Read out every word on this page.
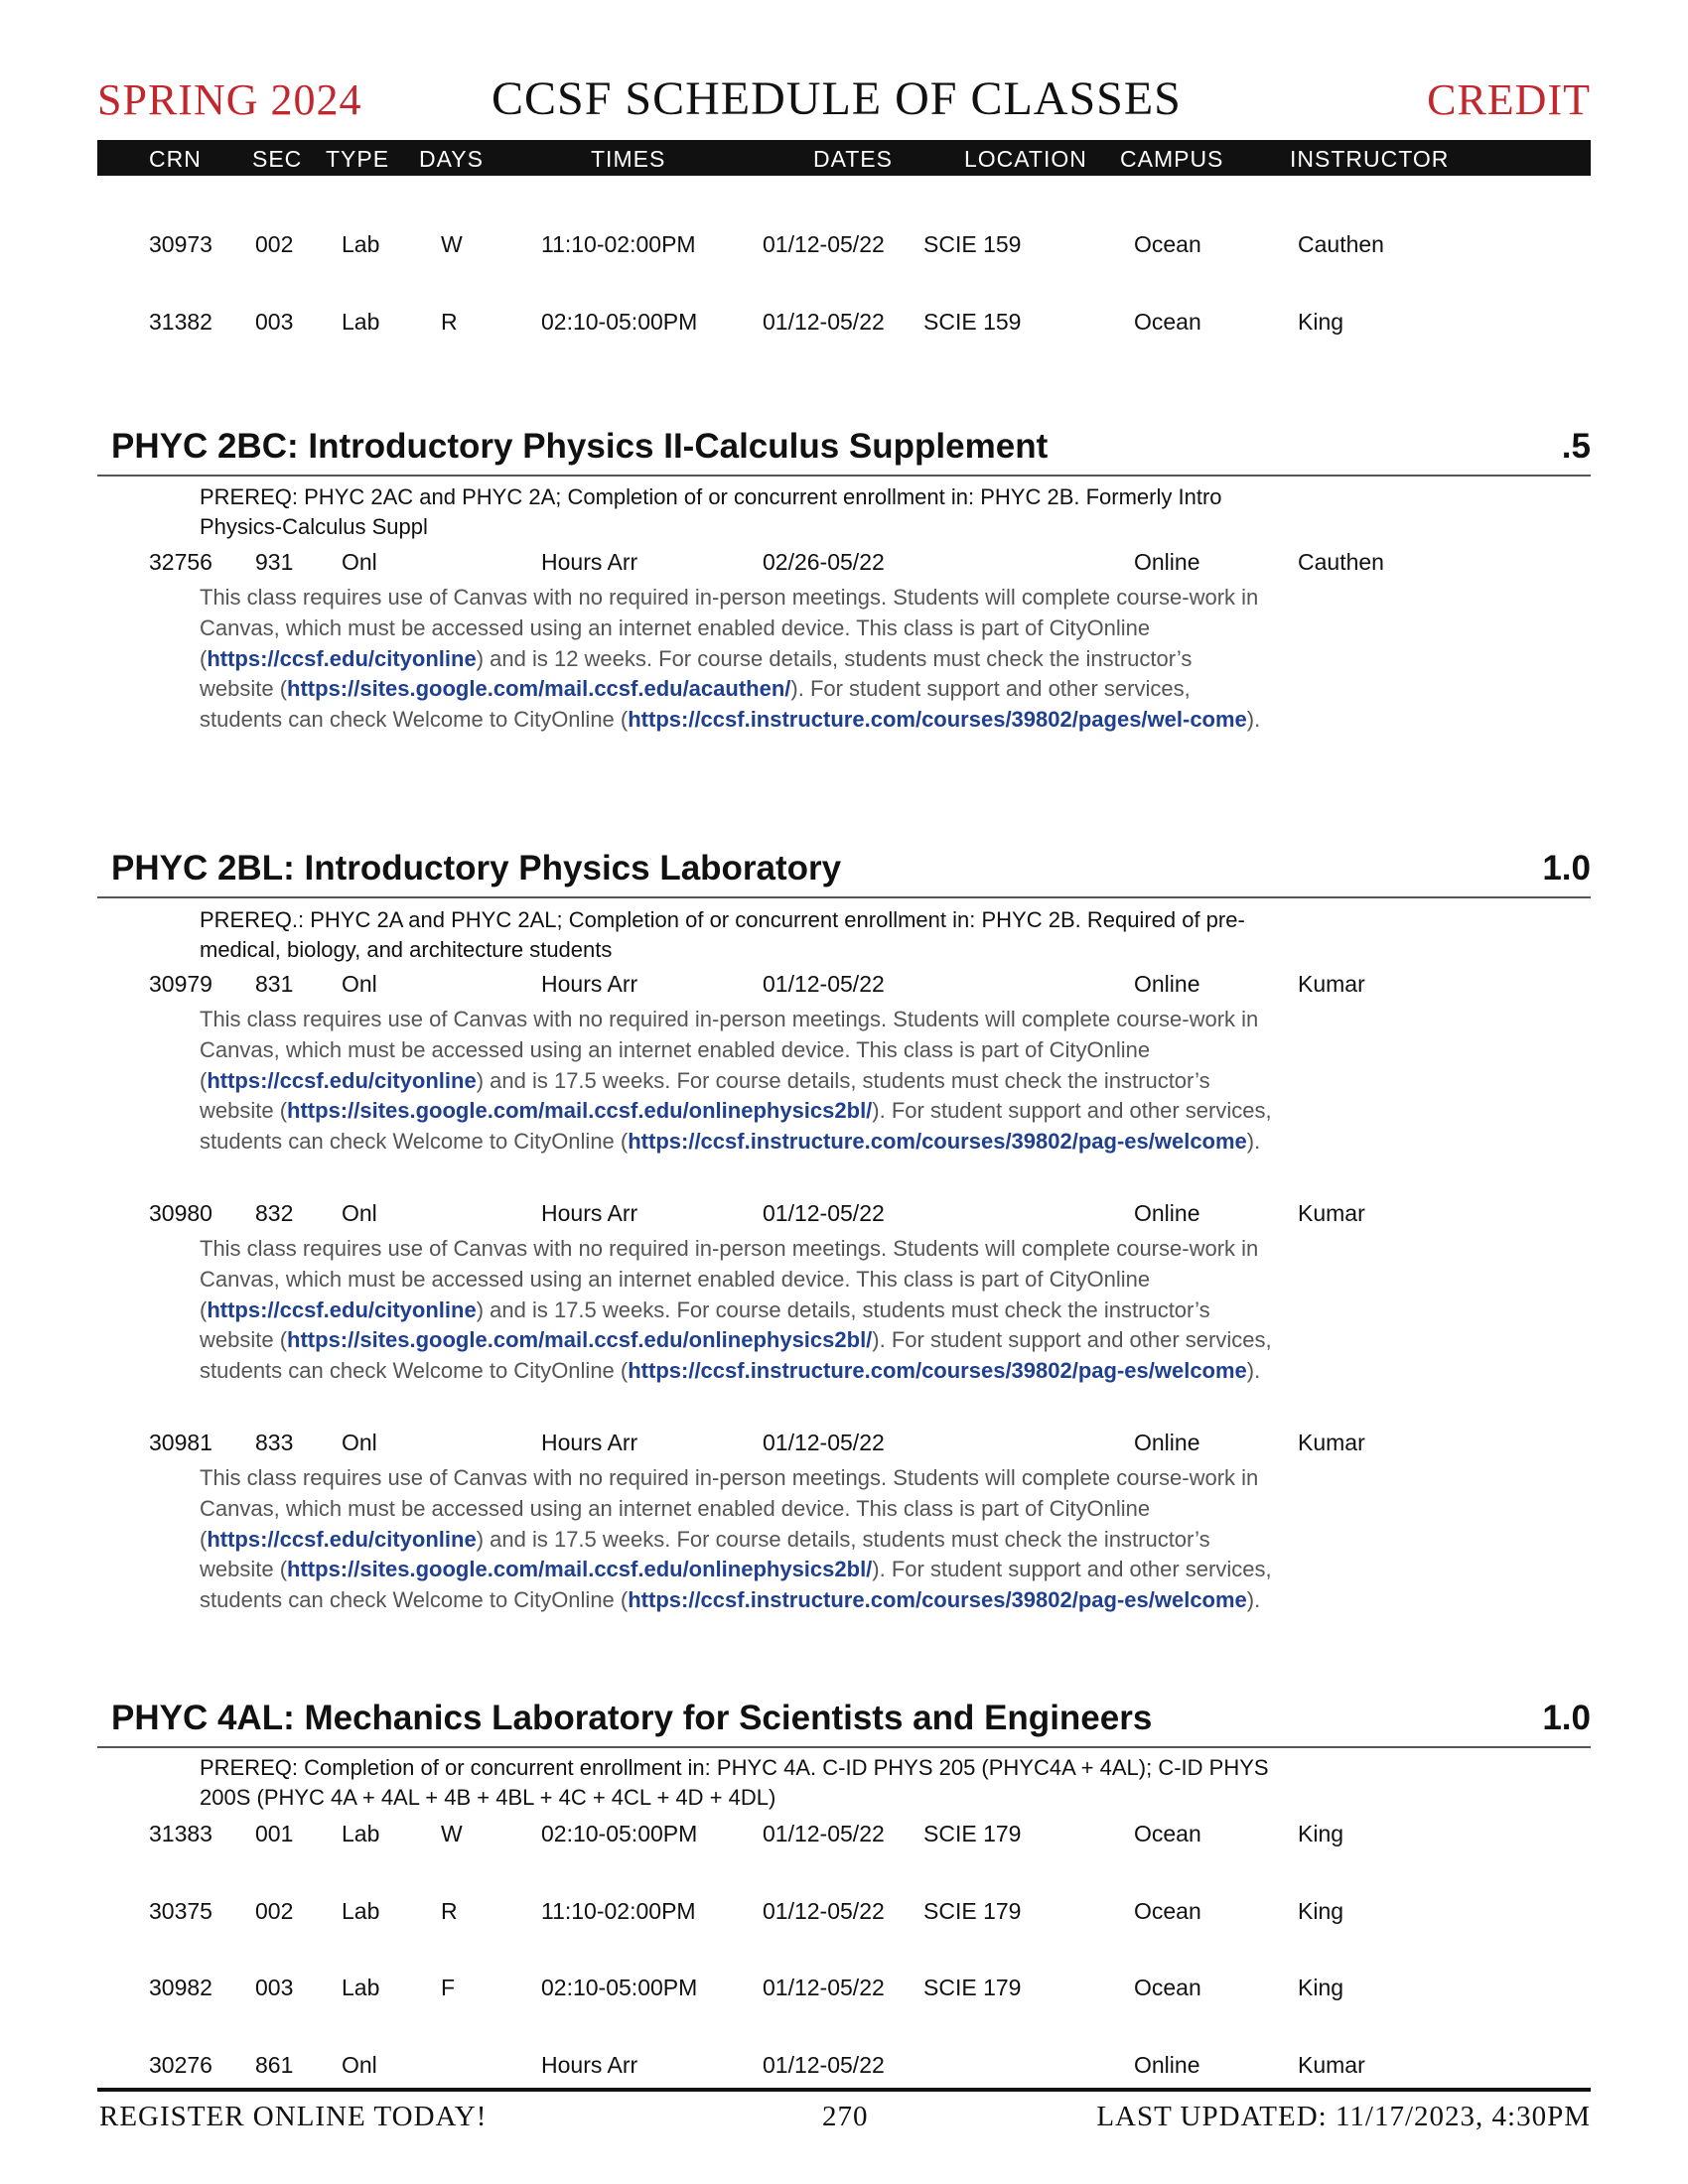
SPRING 2024	CCSF SCHEDULE OF CLASSES	CREDIT
CRN SEC TYPE DAYS	TIMES	DATES	LOCATION CAMPUS	INSTRUCTOR
30973 002 Lab	W	11:10-02:00PM	01/12-05/22 SCIE 159	Ocean	Cauthen
31382 003 Lab	R	02:10-05:00PM	01/12-05/22 SCIE 159	Ocean	King
PHYC 2BC: Introductory Physics II-Calculus Supplement	.5
PREREQ: PHYC 2AC and PHYC 2A; Completion of or concurrent enrollment in: PHYC 2B. Formerly Intro
Physics-Calculus Suppl
32756 931 Onl	Hours Arr	02/26-05/22	Online	Cauthen
This class requires use of Canvas with no required in-person meetings. Students will complete course-work in Canvas, which must be accessed using an internet enabled device. This class is part of CityOnline (https://ccsf.edu/cityonline) and is 12 weeks. For course details, students must check the instructor’s website (https://sites.google.com/mail.ccsf.edu/acauthen/). For student support and other services, students can check Welcome to CityOnline (https://ccsf.instructure.com/courses/39802/pages/wel-come).
PHYC 2BL: Introductory Physics Laboratory	1.0
PREREQ.: PHYC 2A and PHYC 2AL; Completion of or concurrent enrollment in: PHYC 2B. Required of pre-
medical, biology, and architecture students
30979 831 Onl	Hours Arr	01/12-05/22	Online	Kumar
This class requires use of Canvas with no required in-person meetings. Students will complete course-work in Canvas, which must be accessed using an internet enabled device. This class is part of CityOnline (https://ccsf.edu/cityonline) and is 17.5 weeks. For course details, students must check the instructor’s website (https://sites.google.com/mail.ccsf.edu/onlinephysics2bl/). For student support and other services, students can check Welcome to CityOnline (https://ccsf.instructure.com/courses/39802/pag-es/welcome).
30980 832 Onl	Hours Arr	01/12-05/22	Online	Kumar
This class requires use of Canvas with no required in-person meetings. Students will complete course-work in Canvas, which must be accessed using an internet enabled device. This class is part of CityOnline (https://ccsf.edu/cityonline) and is 17.5 weeks. For course details, students must check the instructor’s website (https://sites.google.com/mail.ccsf.edu/onlinephysics2bl/). For student support and other services, students can check Welcome to CityOnline (https://ccsf.instructure.com/courses/39802/pag-es/welcome).
30981 833 Onl	Hours Arr	01/12-05/22	Online	Kumar
This class requires use of Canvas with no required in-person meetings. Students will complete course-work in Canvas, which must be accessed using an internet enabled device. This class is part of CityOnline (https://ccsf.edu/cityonline) and is 17.5 weeks. For course details, students must check the instructor’s website (https://sites.google.com/mail.ccsf.edu/onlinephysics2bl/). For student support and other services, students can check Welcome to CityOnline (https://ccsf.instructure.com/courses/39802/pag-es/welcome).
PHYC 4AL: Mechanics Laboratory for Scientists and Engineers	1.0
PREREQ: Completion of or concurrent enrollment in: PHYC 4A. C-ID PHYS 205 (PHYC4A + 4AL); C-ID PHYS
200S (PHYC 4A + 4AL + 4B + 4BL + 4C + 4CL + 4D + 4DL)
31383 001 Lab	W	02:10-05:00PM	01/12-05/22 SCIE 179	Ocean	King
30375 002 Lab	R	11:10-02:00PM	01/12-05/22 SCIE 179	Ocean	King
30982 003 Lab	F	02:10-05:00PM	01/12-05/22 SCIE 179	Ocean	King
30276 861 Onl	Hours Arr	01/12-05/22	Online	Kumar
REGISTER ONLINE TODAY!	270	LAST UPDATED: 11/17/2023, 4:30PM
